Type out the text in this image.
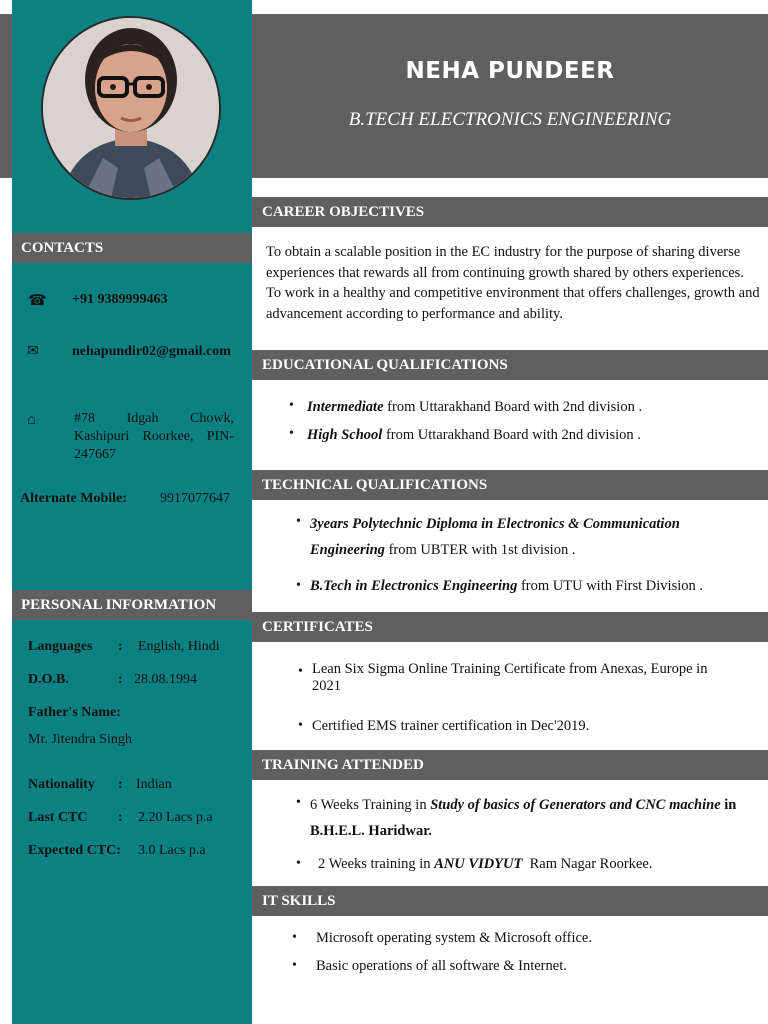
NEHA PUNDEER
B.TECH ELECTRONICS ENGINEERING
CONTACTS
☎ +91 9389999463
✉ nehapundir02@gmail.com
⌂	#78 Idgah Chowk, Kashipuri Roorkee, PIN-247667
Alternate Mobile: 9917077647
PERSONAL INFORMATION
Languages : English, Hindi
D.O.B.	: 28.08.1994
Father's Name:
Mr. Jitendra Singh
Nationality : Indian
Last CTC : 2.20 Lacs p.a
Expected CTC: 3.0 Lacs p.a
CAREER OBJECTIVES
To obtain a scalable position in the EC industry for the purpose of sharing diverse experiences that rewards all from continuing growth shared by others experiences. To work in a healthy and competitive environment that offers challenges, growth and advancement according to performance and ability.
EDUCATIONAL QUALIFICATIONS
• Intermediate from Uttarakhand Board with 2nd division .
• High School from Uttarakhand Board with 2nd division .
TECHNICAL QUALIFICATIONS
• 3years Polytechnic Diploma in Electronics & Communication Engineering from UBTER with 1st division .
• B.Tech in Electronics Engineering from UTU with First Division .
CERTIFICATES
• Lean Six Sigma Online Training Certificate from Anexas, Europe in 2021
• Certified EMS trainer certification in Dec'2019.
TRAINING ATTENDED
• 6 Weeks Training in Study of basics of Generators and CNC machine in B.H.E.L. Haridwar.
• 2 Weeks training in ANU VIDYUT  Ram Nagar Roorkee.
IT SKILLS
• Microsoft operating system & Microsoft office.
• Basic operations of all software & Internet.
